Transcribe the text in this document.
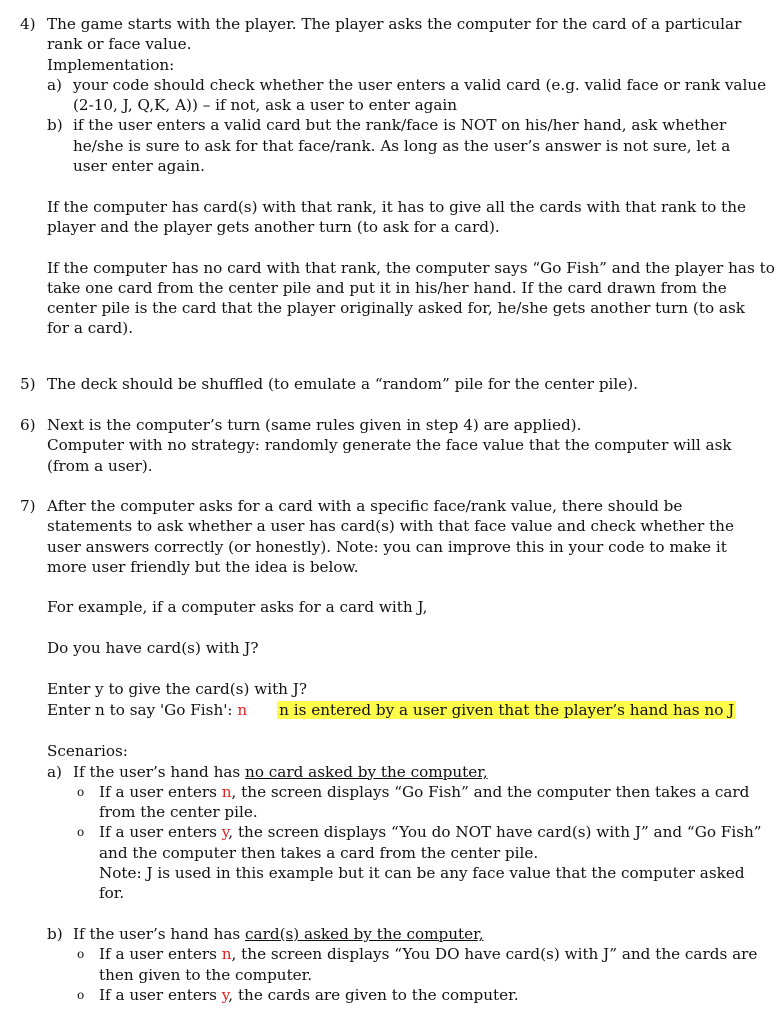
4) The game starts with the player. The player asks the computer for the card of a particular
rank or face value.
Implementation:
a) your code should check whether the user enters a valid card (e.g. valid face or rank value
(2-10, J, Q,K, A)) – if not, ask a user to enter again
b) if the user enters a valid card but the rank/face is NOT on his/her hand, ask whether
he/she is sure to ask for that face/rank. As long as the user’s answer is not sure, let a
user enter again.
If the computer has card(s) with that rank, it has to give all the cards with that rank to the
player and the player gets another turn (to ask for a card).
If the computer has no card with that rank, the computer says “Go Fish” and the player has to
take one card from the center pile and put it in his/her hand. If the card drawn from the
center pile is the card that the player originally asked for, he/she gets another turn (to ask
for a card).
5) The deck should be shuffled (to emulate a “random” pile for the center pile).
6) Next is the computer’s turn (same rules given in step 4) are applied).
Computer with no strategy: randomly generate the face value that the computer will ask
(from a user).
7) After the computer asks for a card with a specific face/rank value, there should be
statements to ask whether a user has card(s) with that face value and check whether the
user answers correctly (or honestly). Note: you can improve this in your code to make it
more user friendly but the idea is below.
For example, if a computer asks for a card with J,
Do you have card(s) with J?
Enter y to give the card(s) with J?
Enter n to say 'Go Fish': n n is entered by a user given that the player’s hand has no J
Scenarios:
a) If the user’s hand has no card asked by the computer,
o If a user enters n, the screen displays “Go Fish” and the computer then takes a card
from the center pile.
o If a user enters y, the screen displays “You do NOT have card(s) with J” and “Go Fish”
and the computer then takes a card from the center pile.
Note: J is used in this example but it can be any face value that the computer asked
for.
b) If the user’s hand has card(s) asked by the computer,
o If a user enters n, the screen displays “You DO have card(s) with J” and the cards are
then given to the computer.
o If a user enters y, the cards are given to the computer.
